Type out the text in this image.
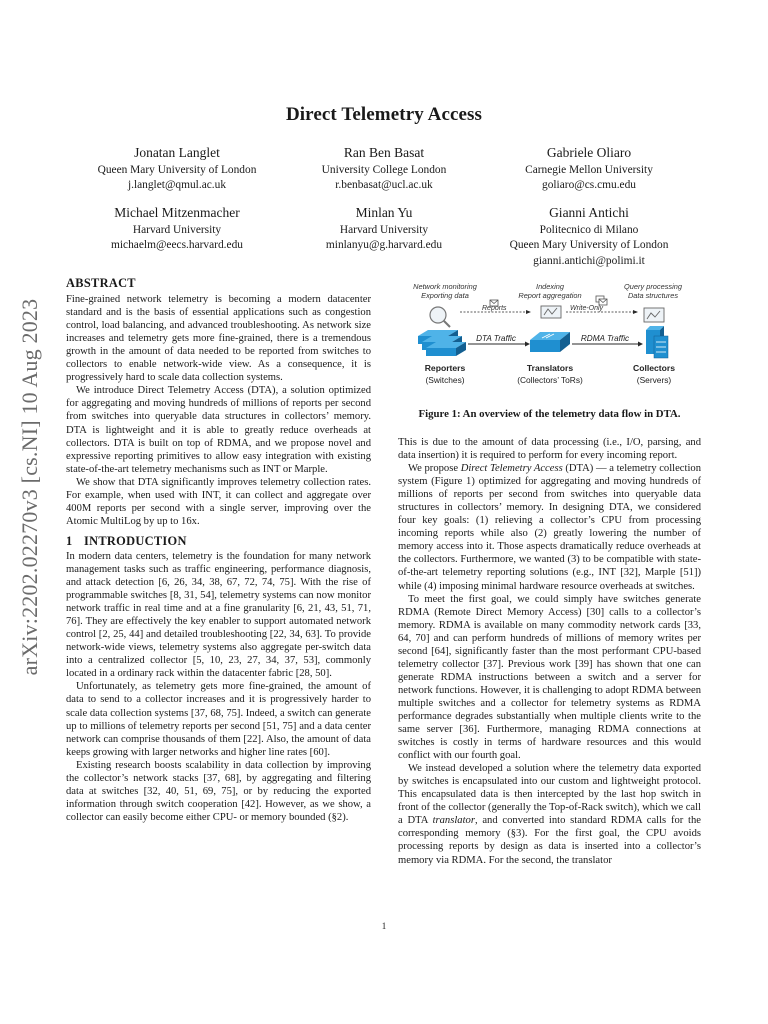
arXiv:2202.02270v3 [cs.NI] 10 Aug 2023
Direct Telemetry Access
Jonatan Langlet
Queen Mary University of London
j.langlet@qmul.ac.uk
Ran Ben Basat
University College London
r.benbasat@ucl.ac.uk
Gabriele Oliaro
Carnegie Mellon University
goliaro@cs.cmu.edu
Michael Mitzenmacher
Harvard University
michaelm@eecs.harvard.edu
Minlan Yu
Harvard University
minlanyu@g.harvard.edu
Gianni Antichi
Politecnico di Milano
Queen Mary University of London
gianni.antichi@polimi.it
ABSTRACT

Fine-grained network telemetry is becoming a modern datacenter standard and is the basis of essential applications such as congestion control, load balancing, and advanced troubleshooting. As network size increases and telemetry gets more fine-grained, there is a tremendous growth in the amount of data needed to be reported from switches to collectors to enable network-wide view. As a consequence, it is progressively hard to scale data collection systems.

We introduce Direct Telemetry Access (DTA), a solution optimized for aggregating and moving hundreds of millions of reports per second from switches into queryable data structures in collectors’ memory. DTA is lightweight and it is able to greatly reduce overheads at collectors. DTA is built on top of RDMA, and we propose novel and expressive reporting primitives to allow easy integration with existing state-of-the-art telemetry mechanisms such as INT or Marple.

We show that DTA significantly improves telemetry collection rates. For example, when used with INT, it can collect and aggregate over 400M reports per second with a single server, improving over the Atomic MultiLog by up to 16x.

1 INTRODUCTION

In modern data centers, telemetry is the foundation for many network management tasks such as traffic engineering, performance diagnosis, and attack detection [6, 26, 34, 38, 67, 72, 74, 75]. With the rise of programmable switches [8, 31, 54], telemetry systems can now monitor network traffic in real time and at a fine granularity [6, 21, 43, 51, 71, 76]. They are effectively the key enabler to support automated network control [2, 25, 44] and detailed troubleshooting [22, 34, 63]. To provide network-wide views, telemetry systems also aggregate per-switch data into a centralized collector [5, 10, 23, 27, 34, 37, 53], commonly located in a ordinary rack within the datacenter fabric [28, 50].

Unfortunately, as telemetry gets more fine-grained, the amount of data to send to a collector increases and it is progressively harder to scale data collection systems [37, 68, 75]. Indeed, a switch can generate up to millions of telemetry reports per second [51, 75] and a data center network can comprise thousands of them [22]. Also, the amount of data keeps growing with larger networks and higher line rates [60].

Existing research boosts scalability in data collection by improving the collector’s network stacks [37, 68], by aggregating and filtering data at switches [32, 40, 51, 69, 75], or by reducing the exported information through switch cooperation [42]. However, as we show, a collector can easily become either CPU- or memory bounded (§2).

Network monitoring
Exporting data
Indexing
Report aggregation
Query processing
Data structures
Reports	Write-Only
DTA Traffic	RDMA Traffic
Reporters
(Switches)
Translators
(Collectors’ ToRs)
Collectors
(Servers)
Figure 1: An overview of the telemetry data flow in DTA.

This is due to the amount of data processing (i.e., I/O, parsing, and data insertion) it is required to perform for every incoming report.

We propose Direct Telemetry Access (DTA) — a telemetry collection system (Figure 1) optimized for aggregating and moving hundreds of millions of reports per second from switches into queryable data structures in collectors’ memory. In designing DTA, we considered four key goals: (1) relieving a collector’s CPU from processing incoming reports while also (2) greatly lowering the number of memory access into it. Those aspects dramatically reduce overheads at the collectors. Furthermore, we wanted (3) to be compatible with state-of-the-art telemetry reporting solutions (e.g., INT [32], Marple [51]) while (4) imposing minimal hardware resource overheads at switches.

To meet the first goal, we could simply have switches generate RDMA (Remote Direct Memory Access) [30] calls to a collector’s memory. RDMA is available on many commodity network cards [33, 64, 70] and can perform hundreds of millions of memory writes per second [64], significantly faster than the most performant CPU-based telemetry collector [37]. Previous work [39] has shown that one can generate RDMA instructions between a switch and a server for network functions. However, it is challenging to adopt RDMA between multiple switches and a collector for telemetry systems as RDMA performance degrades substantially when multiple clients write to the same server [36]. Furthermore, managing RDMA connections at switches is costly in terms of hardware resources and this would conflict with our fourth goal.

We instead developed a solution where the telemetry data exported by switches is encapsulated into our custom and lightweight protocol. This encapsulated data is then intercepted by the last hop switch in front of the collector (generally the Top-of-Rack switch), which we call a DTA translator, and converted into standard RDMA calls for the corresponding memory (§3). For the first goal, the CPU avoids processing reports by design as data is inserted into a collector’s memory via RDMA. For the second, the translator

1
